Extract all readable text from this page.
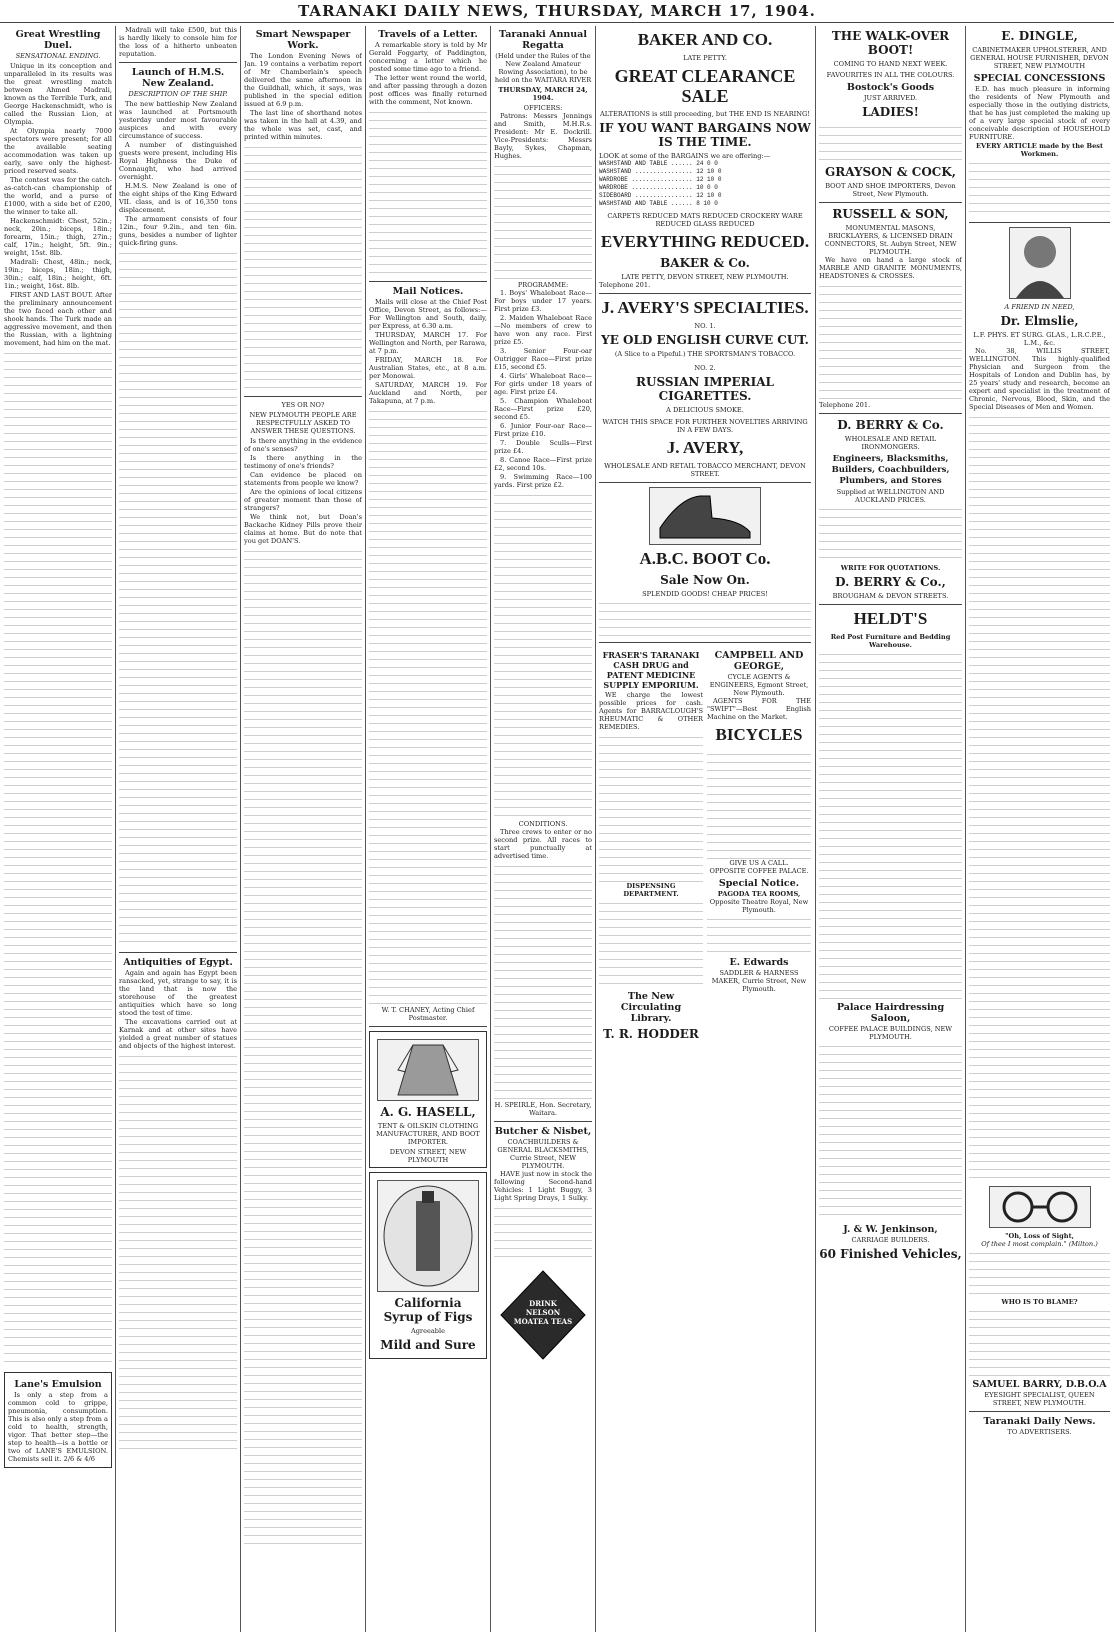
TARANAKI DAILY NEWS, THURSDAY, MARCH 17, 1904.
Great Wrestling Duel.
SENSATIONAL ENDING.

Unique in its conception and unparalleled in its results was the great wrestling match between Ahmed Madrali, known as the Terrible Turk, and George Hackenschmidt, who is called the Russian Lion, at Olympia.

At Olympia nearly 7000 spectators were present; for all the available seating accommodation was taken up early, save only the highest-priced reserved seats.

The contest was for the catch-as-catch-can championship of the world, and a purse of £1000, with a side bet of £200, the winner to take all.

Hackenschmidt: Chest, 52in.; neck, 20in.; biceps, 18in.; forearm, 15in.; thigh, 27in.; calf, 17in.; height, 5ft. 9in.; weight, 15st. 8lb.

Madrali: Chest, 48in.; neck, 19in.; biceps, 18in.; thigh, 30in.; calf, 18in.; height, 6ft. 1in.; weight, 16st. 8lb.

FIRST AND LAST BOUT. After the preliminary announcement the two faced each other and shook hands. The Turk made an aggressive movement, and then the Russian, with a lightning movement, had him on the mat.

Lane's Emulsion

Is only a step from a common cold to grippe, pneumonia, consumption. This is also only a step from a cold to health, strength, vigor. That better step—the step to health—is a bottle or two of LANE'S EMULSION. Chemists sell it. 2/6 & 4/6

Madrali will take £500, but this is hardly likely to console him for the loss of a hitherto unbeaten reputation.

Launch of H.M.S. New Zealand.
DESCRIPTION OF THE SHIP.

The new battleship New Zealand was launched at Portsmouth yesterday under most favourable auspices and with every circumstance of success.

A number of distinguished guests were present, including His Royal Highness the Duke of Connaught, who had arrived overnight.

H.M.S. New Zealand is one of the eight ships of the King Edward VII. class, and is of 16,350 tons displacement.

The armament consists of four 12in., four 9.2in., and ten 6in. guns, besides a number of lighter quick-firing guns.

Antiquities of Egypt.

Again and again has Egypt been ransacked, yet, strange to say, it is the land that is now the storehouse of the greatest antiquities which have so long stood the test of time.

The excavations carried out at Karnak and at other sites have yielded a great number of statues and objects of the highest interest.

Smart Newspaper Work.

The London Evening News of Jan. 19 contains a verbatim report of Mr Chamberlain's speech delivered the same afternoon in the Guildhall, which, it says, was published in the special edition issued at 6.9 p.m.

The last line of shorthand notes was taken in the hall at 4.39, and the whole was set, cast, and printed within minutes.

YES OR NO?
NEW PLYMOUTH PEOPLE ARE RESPECTFULLY ASKED TO ANSWER THESE QUESTIONS.

Is there anything in the evidence of one's senses?

Is there anything in the testimony of one's friends?

Can evidence be placed on statements from people we know?

Are the opinions of local citizens of greater moment than those of strangers?

We think not, but Doan's Backache Kidney Pills prove their claims at home. But do note that you get DOAN'S.

Travels of a Letter.

A remarkable story is told by Mr Gerald Foggarty, of Paddington, concerning a letter which he posted some time ago to a friend.

The letter went round the world, and after passing through a dozen post offices was finally returned with the comment, Not known.

Mail Notices.

Mails will close at the Chief Post Office, Devon Street, as follows:—For Wellington and South, daily, per Express, at 6.30 a.m.

THURSDAY, MARCH 17. For Wellington and North, per Rarawa, at 7 p.m.

FRIDAY, MARCH 18. For Australian States, etc., at 8 a.m. per Monowai.

SATURDAY, MARCH 19. For Auckland and North, per Takapuna, at 7 p.m.

W. T. CHANEY, Acting Chief Postmaster.
A. G. HASELL,
TENT & OILSKIN CLOTHING MANUFACTURER, AND BOOT IMPORTER.
DEVON STREET, NEW PLYMOUTH
California Syrup of Figs
Agreeable
Mild and Sure
Taranaki Annual Regatta
(Held under the Rules of the New Zealand Amateur Rowing Association), to be held on the WAITARA RIVER
THURSDAY, MARCH 24, 1904.
OFFICERS:

Patrons: Messrs Jennings and Smith, M.H.R.s. President: Mr E. Dockrill. Vice-Presidents: Messrs Bayly, Sykes, Chapman, Hughes.

PROGRAMME:

1. Boys' Whaleboat Race—For boys under 17 years. First prize £3.

2. Maiden Whaleboat Race—No members of crew to have won any race. First prize £5.

3. Senior Four-oar Outrigger Race—First prize £15, second £5.

4. Girls' Whaleboat Race—For girls under 18 years of age. First prize £4.

5. Champion Whaleboat Race—First prize £20, second £5.

6. Junior Four-oar Race—First prize £10.

7. Double Sculls—First prize £4.

8. Canoe Race—First prize £2, second 10s.

9. Swimming Race—100 yards. First prize £2.

CONDITIONS.

Three crews to enter or no second prize. All races to start punctually at advertised time.

H. SPEIRLE, Hon. Secretary, Waitara.
Butcher & Nisbet,
COACHBUILDERS & GENERAL BLACKSMITHS,
Currie Street, NEW PLYMOUTH.

HAVE just now in stock the following Second-hand Vehicles: 1 Light Buggy, 3 Light Spring Drays, 1 Sulky.

DRINK NELSON MOATEA TEAS
BAKER AND CO.
LATE PETTY.
GREAT CLEARANCE SALE
ALTERATIONS is still proceeding, but THE END IS NEARING!
IF YOU WANT BARGAINS NOW IS THE TIME.
LOOK at some of the BARGAINS we are offering:—
WASHSTAND AND TABLE ...... 24 0 0
WASHSTAND ................ 12 10 0
WARDROBE ................. 12 10 0
WARDROBE ................. 10 0 0
SIDEBOARD ................ 12 10 0
WASHSTAND AND TABLE ...... 8 10 0
CARPETS REDUCED MATS REDUCED CROCKERY WARE REDUCED GLASS REDUCED
EVERYTHING REDUCED.
BAKER & Co.
LATE PETTY, DEVON STREET, NEW PLYMOUTH.
Telephone 201.
J. AVERY'S SPECIALTIES.
NO. 1.
YE OLD ENGLISH CURVE CUT.
(A Slice to a Pipeful.) THE SPORTSMAN'S TOBACCO.
NO. 2.
RUSSIAN IMPERIAL CIGARETTES.
A DELICIOUS SMOKE.
WATCH THIS SPACE FOR FURTHER NOVELTIES ARRIVING IN A FEW DAYS.
J. AVERY,
WHOLESALE AND RETAIL TOBACCO MERCHANT, DEVON STREET.
A.B.C. BOOT Co.
Sale Now On.
SPLENDID GOODS! CHEAP PRICES!
FRASER'S TARANAKI CASH DRUG and PATENT MEDICINE SUPPLY EMPORIUM.

WE charge the lowest possible prices for cash. Agents for BARRACLOUGH'S RHEUMATIC & OTHER REMEDIES.

DISPENSING DEPARTMENT.
The New Circulating Library.
T. R. HODDER
CAMPBELL AND GEORGE,
CYCLE AGENTS & ENGINEERS, Egmont Street, New Plymouth.

AGENTS FOR THE "SWIFT"—Best English Machine on the Market.

BICYCLES
GIVE US A CALL.
OPPOSITE COFFEE PALACE.
Special Notice.
PAGODA TEA ROOMS,
Opposite Theatre Royal, New Plymouth.
E. Edwards
SADDLER & HARNESS MAKER, Currie Street, New Plymouth.
THE WALK-OVER BOOT!
COMING TO HAND NEXT WEEK.
FAVOURITES IN ALL THE COLOURS.
Bostock's Goods
JUST ARRIVED.
LADIES!
GRAYSON & COCK,
BOOT AND SHOE IMPORTERS, Devon Street, New Plymouth.
RUSSELL & SON,
MONUMENTAL MASONS, BRICKLAYERS, & LICENSED DRAIN CONNECTORS, St. Aubyn Street, NEW PLYMOUTH.

We have on hand a large stock of MARBLE AND GRANITE MONUMENTS, HEADSTONES & CROSSES.

Telephone 201.
D. BERRY & Co.
WHOLESALE AND RETAIL IRONMONGERS.
Engineers, Blacksmiths, Builders, Coachbuilders, Plumbers, and Stores
Supplied at WELLINGTON AND AUCKLAND PRICES.
WRITE FOR QUOTATIONS.
D. BERRY & Co.,
BROUGHAM & DEVON STREETS.
HELDT'S
Red Post Furniture and Bedding Warehouse.
Palace Hairdressing Saloon,
COFFEE PALACE BUILDINGS, NEW PLYMOUTH.
J. & W. Jenkinson,
CARRIAGE BUILDERS.
60 Finished Vehicles,
E. DINGLE,
CABINETMAKER UPHOLSTERER, AND GENERAL HOUSE FURNISHER, DEVON STREET, NEW PLYMOUTH
SPECIAL CONCESSIONS

E.D. has much pleasure in informing the residents of New Plymouth and especially those in the outlying districts, that he has just completed the making up of a very large special stock of every conceivable description of HOUSEHOLD FURNITURE.

EVERY ARTICLE made by the Best Workmen.
A FRIEND IN NEED,
Dr. Elmslie,
L.F. PHYS. ET SURG. GLAS., L.R.C.P.E., L.M., &c.

No. 38, WILLIS STREET, WELLINGTON. This highly-qualified Physician and Surgeon from the Hospitals of London and Dublin has, by 25 years' study and research, become an expert and specialist in the treatment of Chronic, Nervous, Blood, Skin, and the Special Diseases of Men and Women.

"Oh, Loss of Sight,
Of thee I most complain." (Milton.)
WHO IS TO BLAME?
SAMUEL BARRY, D.B.O.A
EYESIGHT SPECIALIST, QUEEN STREET, NEW PLYMOUTH.
Taranaki Daily News.
TO ADVERTISERS.
